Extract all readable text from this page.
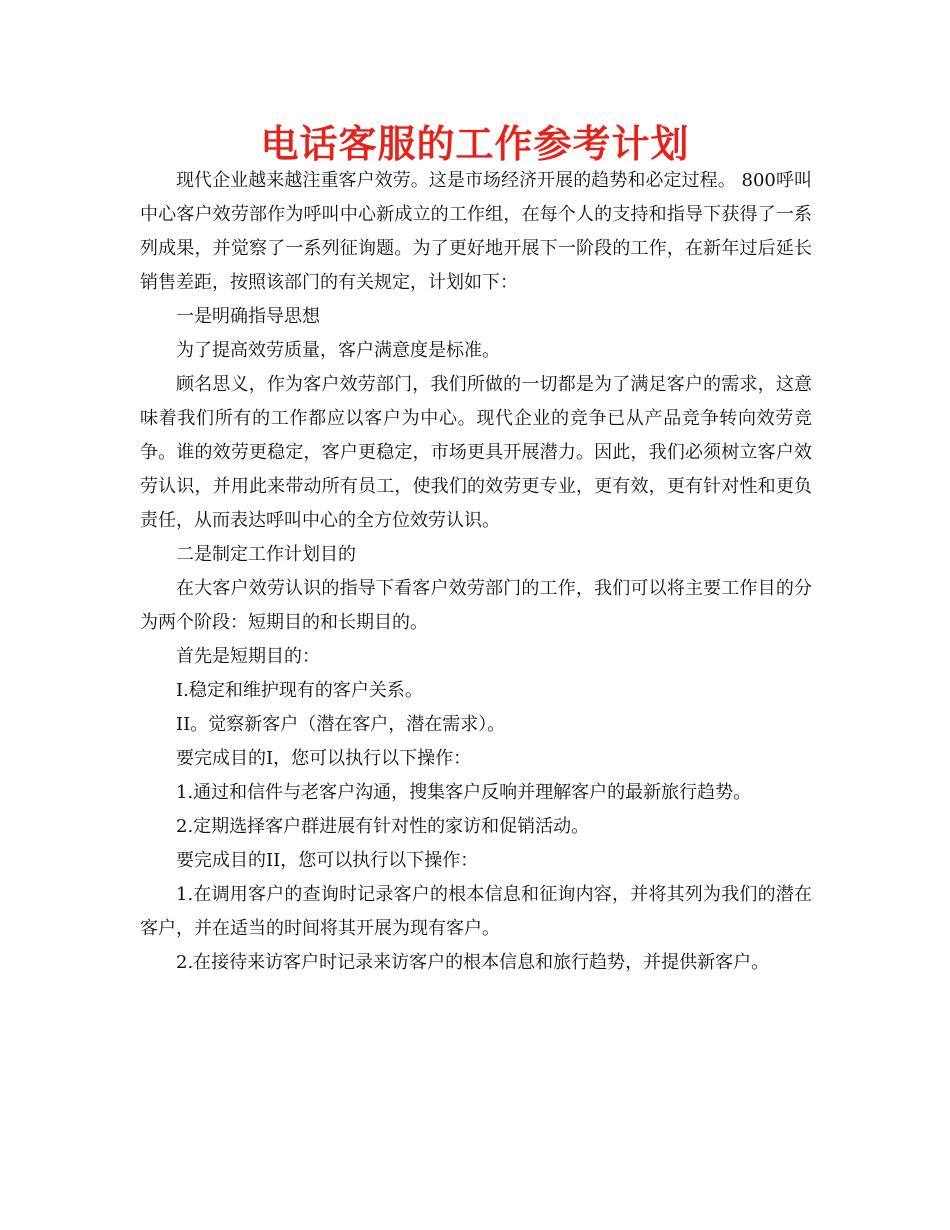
电话客服的工作参考计划

现代企业越来越注重客户效劳。这是市场经济开展的趋势和必定过程。 800呼叫中心客户效劳部作为呼叫中心新成立的工作组，在每个人的支持和指导下获得了一系列成果，并觉察了一系列征询题。为了更好地开展下一阶段的工作，在新年过后延长销售差距，按照该部门的有关规定，计划如下：

一是明确指导思想

为了提高效劳质量，客户满意度是标准。

顾名思义，作为客户效劳部门，我们所做的一切都是为了满足客户的需求，这意味着我们所有的工作都应以客户为中心。现代企业的竞争已从产品竞争转向效劳竞争。谁的效劳更稳定，客户更稳定，市场更具开展潜力。因此，我们必须树立客户效劳认识，并用此来带动所有员工，使我们的效劳更专业，更有效，更有针对性和更负责任，从而表达呼叫中心的全方位效劳认识。

二是制定工作计划目的

在大客户效劳认识的指导下看客户效劳部门的工作，我们可以将主要工作目的分为两个阶段：短期目的和长期目的。

首先是短期目的：

I.稳定和维护现有的客户关系。

II。觉察新客户（潜在客户，潜在需求）。

要完成目的I，您可以执行以下操作：

1.通过和信件与老客户沟通，搜集客户反响并理解客户的最新旅行趋势。

2.定期选择客户群进展有针对性的家访和促销活动。

要完成目的II，您可以执行以下操作：

1.在调用客户的查询时记录客户的根本信息和征询内容，并将其列为我们的潜在客户，并在适当的时间将其开展为现有客户。

2.在接待来访客户时记录来访客户的根本信息和旅行趋势，并提供新客户。
